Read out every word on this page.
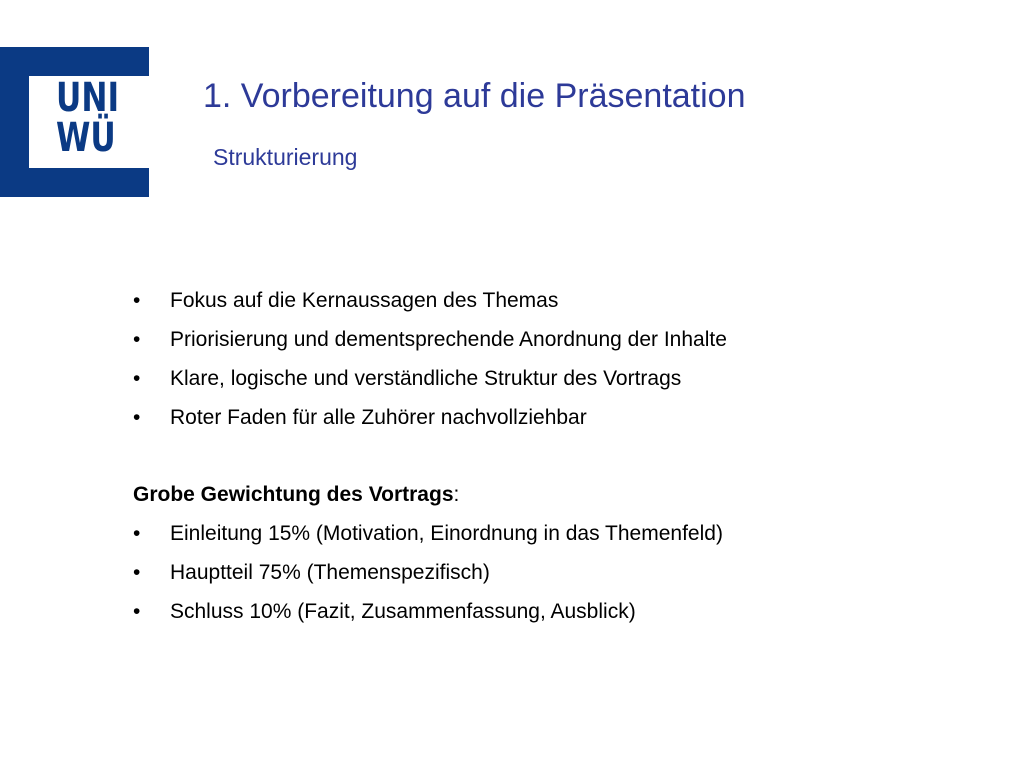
UNI
WÜ
1. Vorbereitung auf die Präsentation
Strukturierung
•	Fokus auf die Kernaussagen des Themas
•	Priorisierung und dementsprechende Anordnung der Inhalte
•	Klare, logische und verständliche Struktur des Vortrags
•	Roter Faden für alle Zuhörer nachvollziehbar
Grobe Gewichtung des Vortrags:
•	Einleitung 15% (Motivation, Einordnung in das Themenfeld)
•	Hauptteil 75% (Themenspezifisch)
•	Schluss 10% (Fazit, Zusammenfassung, Ausblick)
